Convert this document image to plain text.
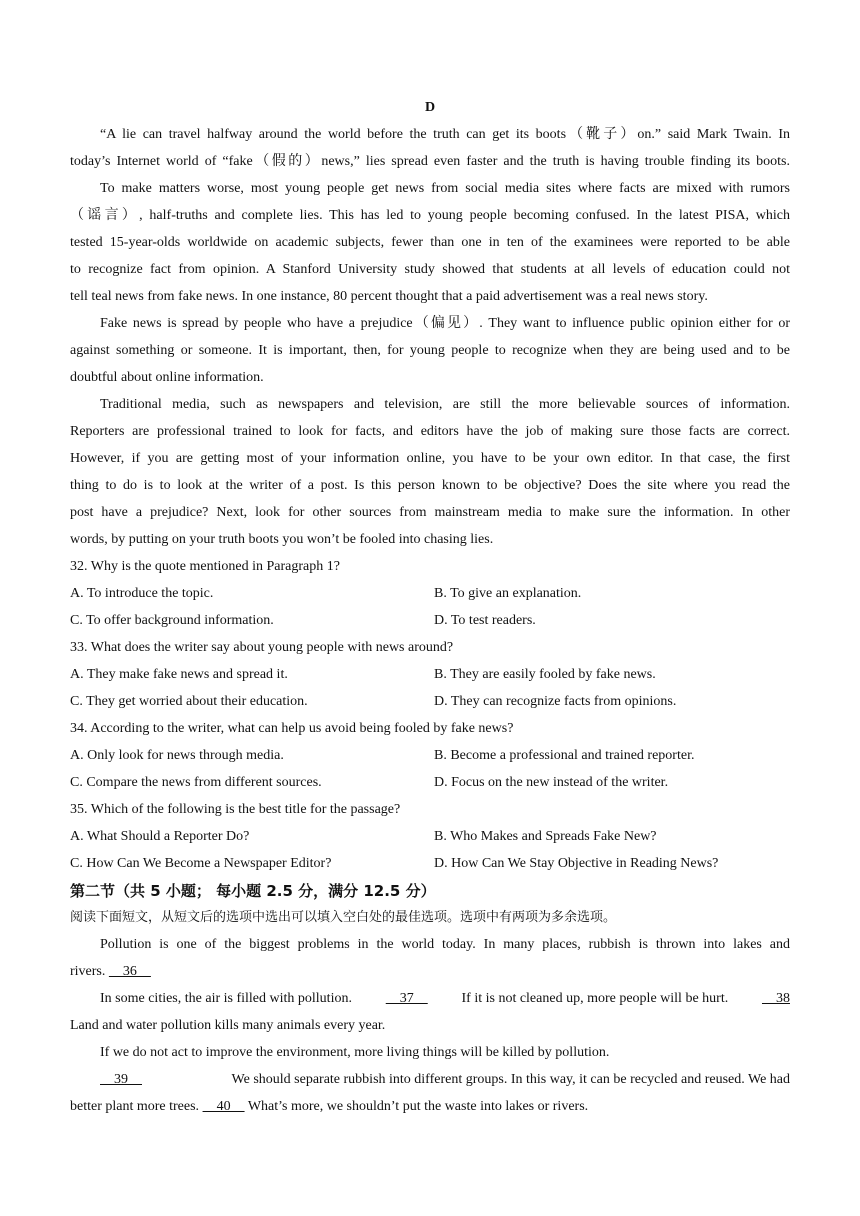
D
“A lie can travel halfway around the world before the truth can get its boots（靴子）on.” said Mark Twain. In
today’s Internet world of “fake（假的）news,” lies spread even faster and the truth is having trouble finding its boots.
To make matters worse, most young people get news from social media sites where facts are mixed with rumors
（谣言）, half-truths and complete lies. This has led to young people becoming confused. In the latest PISA, which
tested 15-year-olds worldwide on academic subjects, fewer than one in ten of the examinees were reported to be able
to recognize fact from opinion. A Stanford University study showed that students at all levels of education could not
tell teal news from fake news. In one instance, 80 percent thought that a paid advertisement was a real news story.
Fake news is spread by people who have a prejudice（偏见）. They want to influence public opinion either for or
against something or someone. It is important, then, for young people to recognize when they are being used and to be
doubtful about online information.
Traditional media, such as newspapers and television, are still the more believable sources of information.
Reporters are professional trained to look for facts, and editors have the job of making sure those facts are correct.
However, if you are getting most of your information online, you have to be your own editor. In that case, the first
thing to do is to look at the writer of a post. Is this person known to be objective? Does the site where you read the
post have a prejudice? Next, look for other sources from mainstream media to make sure the information. In other
words, by putting on your truth boots you won’t be fooled into chasing lies.
32. Why is the quote mentioned in Paragraph 1?
A. To introduce the topic.	B. To give an explanation.
C. To offer background information.	D. To test readers.
33. What does the writer say about young people with news around?
A. They make fake news and spread it.	B. They are easily fooled by fake news.
C. They get worried about their education.	D. They can recognize facts from opinions.
34. According to the writer, what can help us avoid being fooled by fake news?
A. Only look for news through media.	B. Become a professional and trained reporter.
C. Compare the news from different sources.	D. Focus on the new instead of the writer.
35. Which of the following is the best title for the passage?
A. What Should a Reporter Do?	B. Who Makes and Spreads Fake New?
C. How Can We Become a Newspaper Editor?	D. How Can We Stay Objective in Reading News?
第二节（共 5 小题； 每小题 2.5 分，满分 12.5 分）
阅读下面短文，从短文后的选项中选出可以填入空白处的最佳选项。选项中有两项为多余选项。
Pollution is one of the biggest problems in the world today. In many places, rubbish is thrown into lakes and
rivers.     36
In some cities, the air is filled with pollution. 37 If it is not cleaned up, more people will be hurt. 38
Land and water pollution kills many animals every year.
If we do not act to improve the environment, more living things will be killed by pollution.
39	We should separate rubbish into different groups. In this way, it can be recycled and reused. We had
better plant more trees.     40     What’s more, we shouldn’t put the waste into lakes or rivers.
